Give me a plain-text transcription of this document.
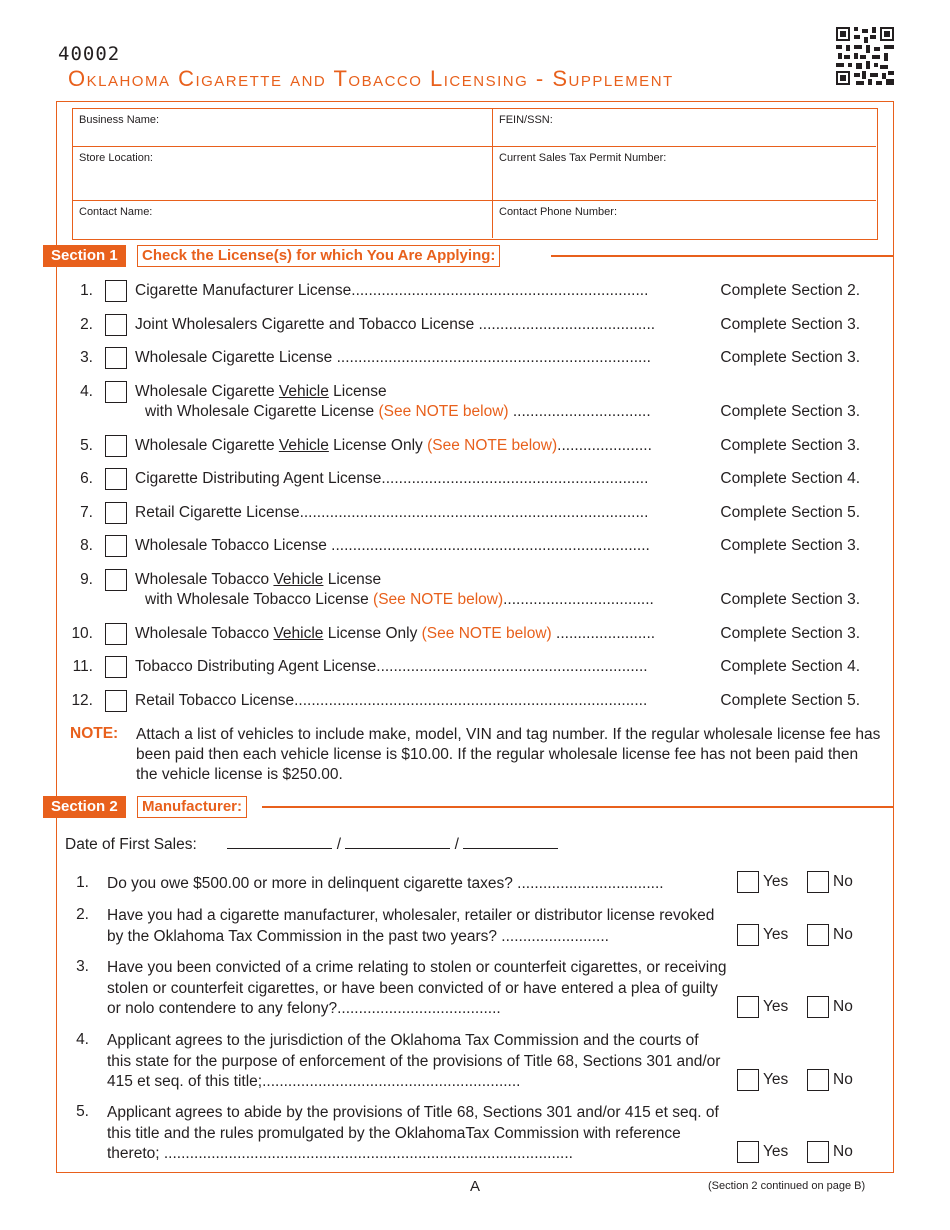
40002
Oklahoma Cigarette and Tobacco Licensing - Supplement
Business Name:	FEIN/SSN:
Store Location:	Current Sales Tax Permit Number:
Contact Name:	Contact Phone Number:
Section 1	Check the License(s) for which You Are Applying:
1.	Cigarette Manufacturer License.....................................................................	Complete Section 2.
2.	Joint Wholesalers Cigarette and Tobacco License .........................................	Complete Section 3.
3.	Wholesale Cigarette License .........................................................................	Complete Section 3.
4.	Wholesale Cigarette Vehicle License
with Wholesale Cigarette License (See NOTE below) ................................	Complete Section 3.
5.	Wholesale Cigarette Vehicle License Only (See NOTE below)......................	Complete Section 3.
6.	Cigarette Distributing Agent License..............................................................	Complete Section 4.
7.	Retail Cigarette License.................................................................................	Complete Section 5.
8.	Wholesale Tobacco License ..........................................................................	Complete Section 3.
9.	Wholesale Tobacco Vehicle License
with Wholesale Tobacco License (See NOTE below)...................................	Complete Section 3.
10.	Wholesale Tobacco Vehicle License Only (See NOTE below) .......................	Complete Section 3.
11.	Tobacco Distributing Agent License...............................................................	Complete Section 4.
12.	Retail Tobacco License..................................................................................	Complete Section 5.
NOTE: Attach a list of vehicles to include make, model, VIN and tag number. If the regular wholesale license fee has been paid then each vehicle license is $10.00. If the regular wholesale license fee has not been paid then the vehicle license is $250.00.
Section 2	Manufacturer:
Date of First Sales:	/	/
1. Do you owe $500.00 or more in delinquent cigarette taxes? ..................................	Yes	No
2. Have you had a cigarette manufacturer, wholesaler, retailer or distributor license revoked by the Oklahoma Tax Commission in the past two years? .........................	Yes	No
3. Have you been convicted of a crime relating to stolen or counterfeit cigarettes, or receiving stolen or counterfeit cigarettes, or have been convicted of or have entered a plea of guilty or nolo contendere to any felony?......................................	Yes	No
4. Applicant agrees to the jurisdiction of the Oklahoma Tax Commission and the courts of this state for the purpose of enforcement of the provisions of Title 68, Sections 301 and/or 415 et seq. of this title;............................................................	Yes	No
5. Applicant agrees to abide by the provisions of Title 68, Sections 301 and/or 415 et seq. of this title and the rules promulgated by the OklahomaTax Commission with reference thereto; ...............................................................................................	Yes	No
A	(Section 2 continued on page B)
